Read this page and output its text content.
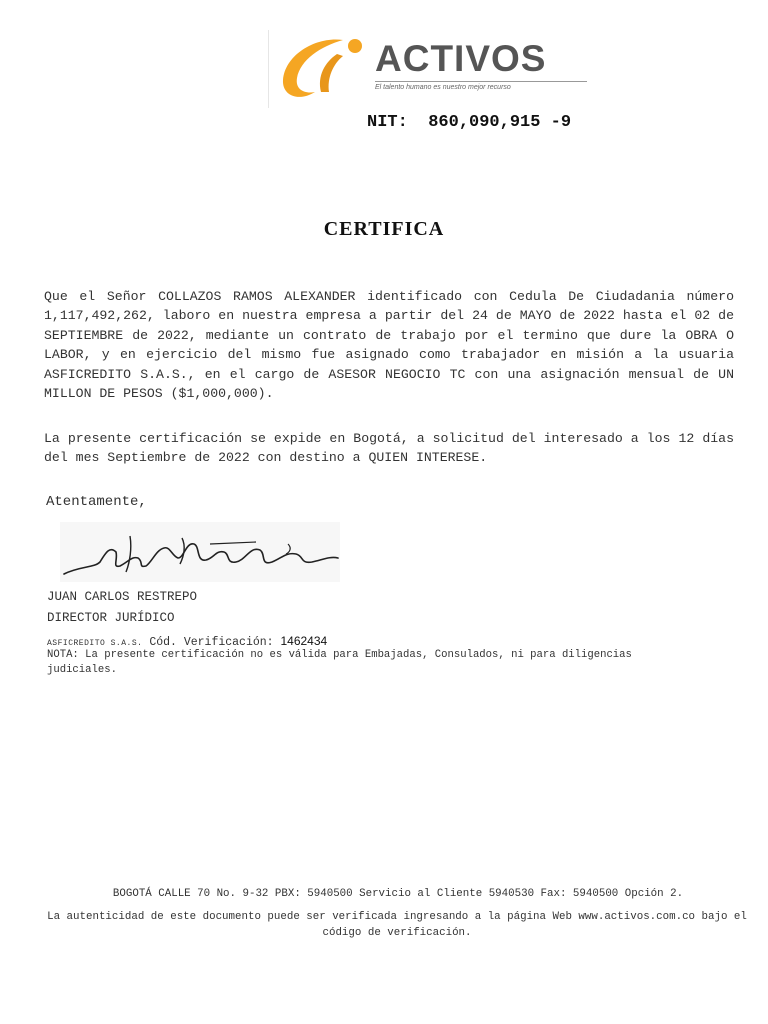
ACTIVOS
El talento humano es nuestro mejor recurso
NIT:  860,090,915 -9
CERTIFICA
Que el Señor COLLAZOS RAMOS ALEXANDER identificado con Cedula De Ciudadania número 1,117,492,262, laboro en nuestra empresa a partir del 24 de MAYO de 2022 hasta el 02 de SEPTIEMBRE de 2022, mediante un contrato de trabajo por el termino que dure la OBRA O LABOR, y en ejercicio del mismo fue asignado como trabajador en misión a la usuaria ASFICREDITO S.A.S., en el cargo de ASESOR NEGOCIO TC con una asignación mensual de UN MILLON DE PESOS ($1,000,000).
La presente certificación se expide en Bogotá, a solicitud del interesado a los 12 días del mes Septiembre de 2022 con destino a QUIEN INTERESE.
Atentamente,
JUAN CARLOS RESTREPO
DIRECTOR JURÍDICO
ASFICREDITO S.A.S. Cód. Verificación: 1462434
NOTA: La presente certificación no es válida para Embajadas, Consulados, ni para diligencias judiciales.
BOGOTÁ CALLE 70 No. 9-32 PBX: 5940500 Servicio al Cliente 5940530 Fax: 5940500 Opción 2.
La autenticidad de este documento puede ser verificada ingresando a la página Web www.activos.com.co bajo el código de verificación.
